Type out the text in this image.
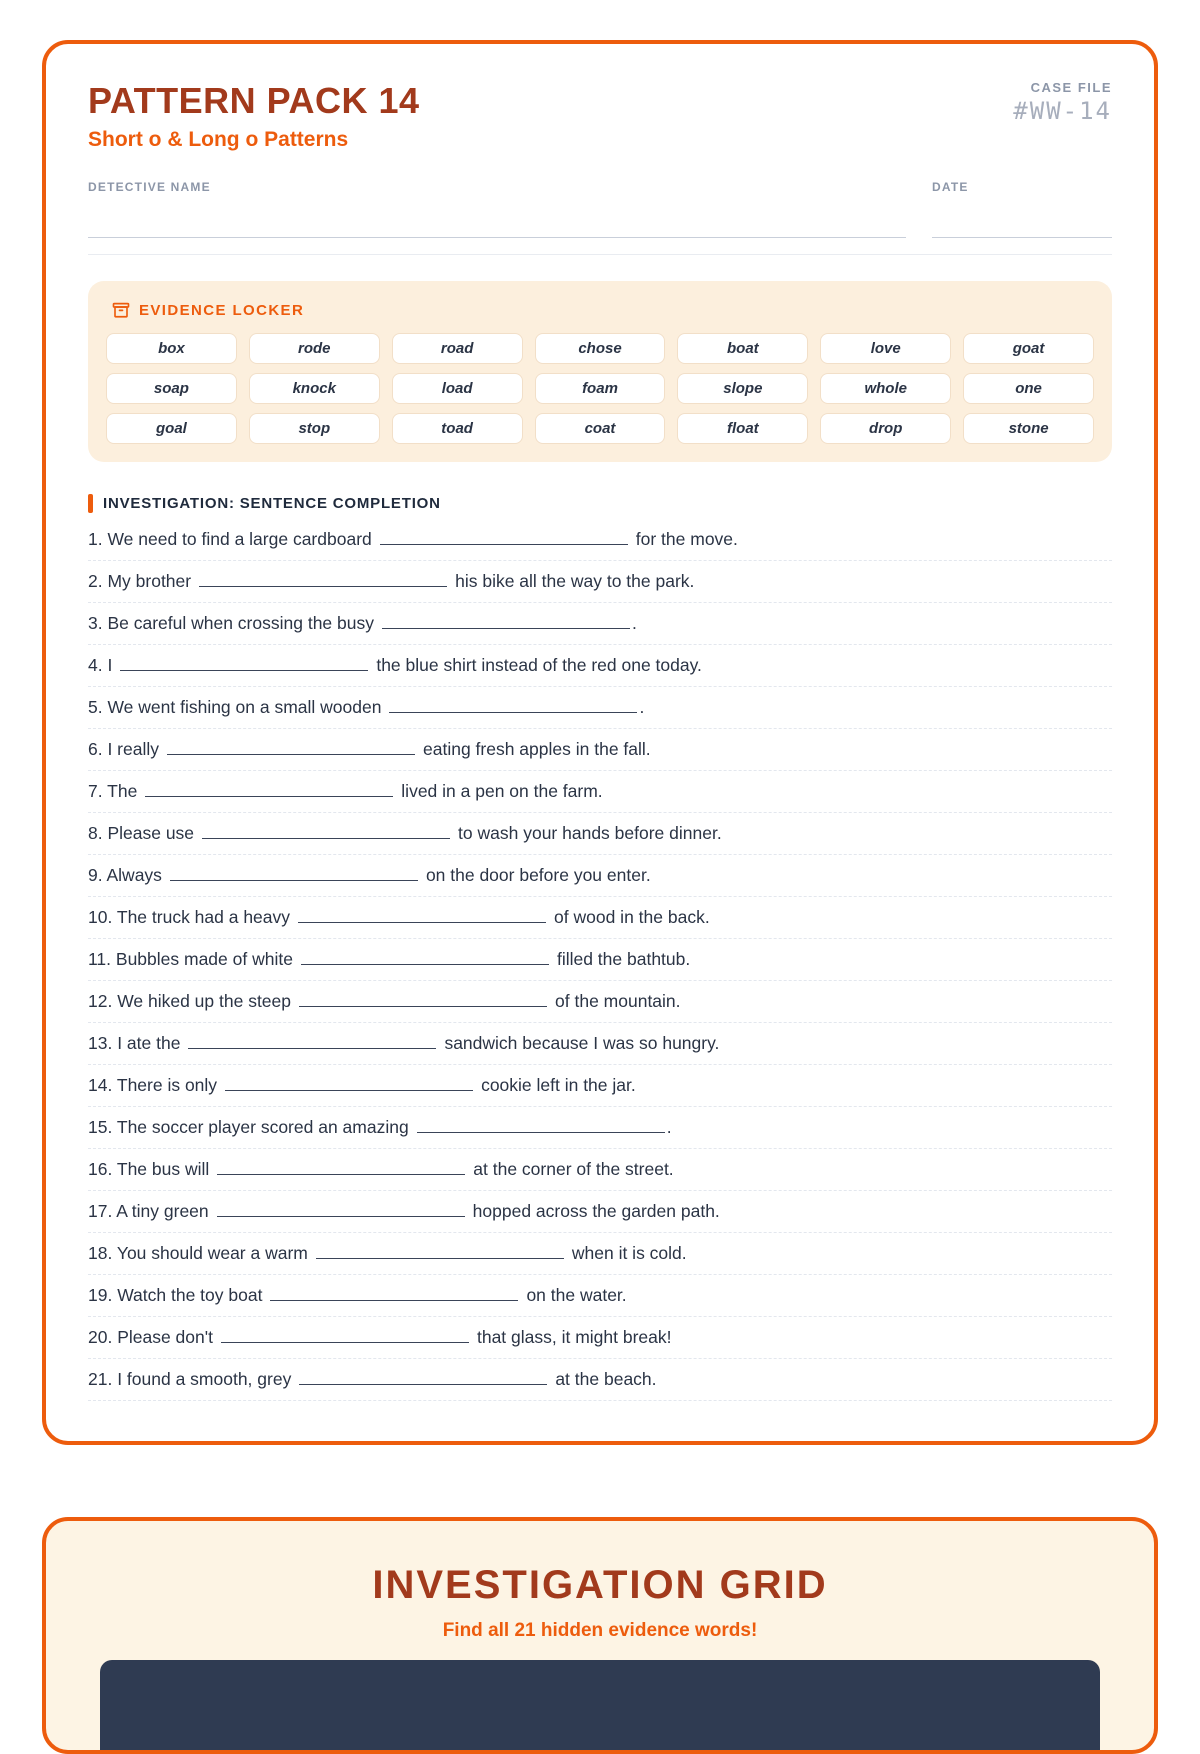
PATTERN PACK 14
Short o & Long o Patterns
CASE FILE
#WW-14
DETECTIVE NAME	DATE
EVIDENCE LOCKER
box	rode	road	chose	boat	love	goat
soap	knock	load	foam	slope	whole	one
goal	stop	toad	coat	float	drop	stone
INVESTIGATION: SENTENCE COMPLETION
1. We need to find a large cardboard	for the move.
2. My brother	his bike all the way to the park.
3. Be careful when crossing the busy	.
4. I	the blue shirt instead of the red one today.
5. We went fishing on a small wooden	.
6. I really	eating fresh apples in the fall.
7. The	lived in a pen on the farm.
8. Please use	to wash your hands before dinner.
9. Always	on the door before you enter.
10. The truck had a heavy	of wood in the back.
11. Bubbles made of white	filled the bathtub.
12. We hiked up the steep	of the mountain.
13. I ate the	sandwich because I was so hungry.
14. There is only	cookie left in the jar.
15. The soccer player scored an amazing	.
16. The bus will	at the corner of the street.
17. A tiny green	hopped across the garden path.
18. You should wear a warm	when it is cold.
19. Watch the toy boat	on the water.
20. Please don't	that glass, it might break!
21. I found a smooth, grey	at the beach.
INVESTIGATION GRID
Find all 21 hidden evidence words!
